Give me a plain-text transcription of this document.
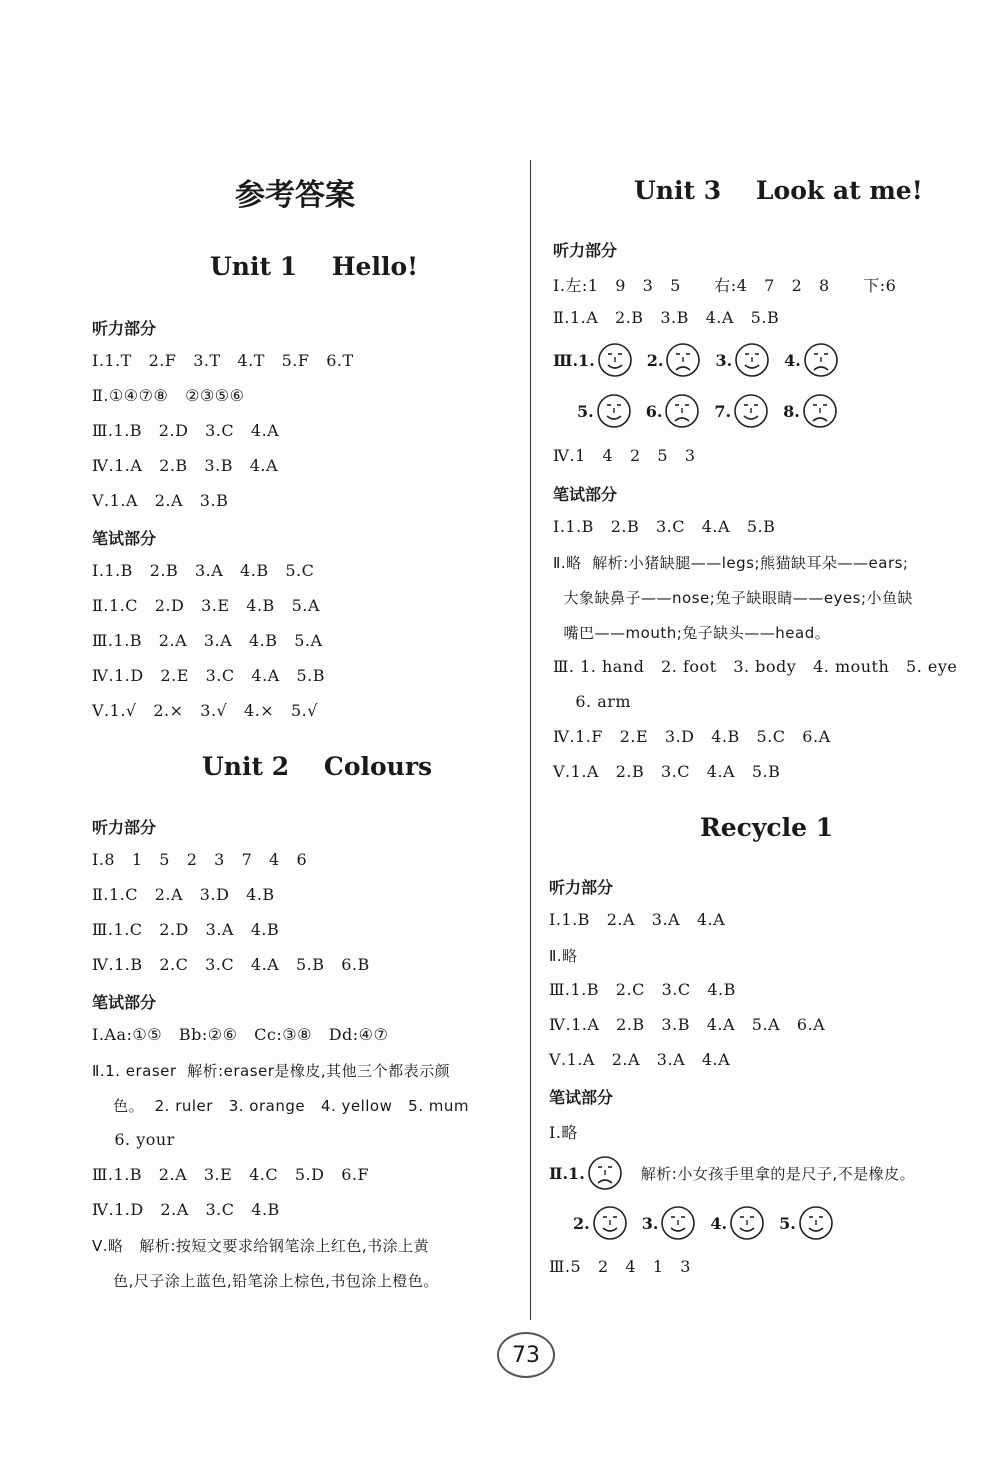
参考答案
Unit 1    Hello!
听力部分
Ⅰ.1.T   2.F   3.T   4.T   5.F   6.T
Ⅱ.①④⑦⑧   ②③⑤⑥
Ⅲ.1.B   2.D   3.C   4.A
Ⅳ.1.A   2.B   3.B   4.A
Ⅴ.1.A   2.A   3.B
笔试部分
Ⅰ.1.B   2.B   3.A   4.B   5.C
Ⅱ.1.C   2.D   3.E   4.B   5.A
Ⅲ.1.B   2.A   3.A   4.B   5.A
Ⅳ.1.D   2.E   3.C   4.A   5.B
Ⅴ.1.√   2.×   3.√   4.×   5.√
Unit 2    Colours
听力部分
Ⅰ.8   1   5   2   3   7   4   6
Ⅱ.1.C   2.A   3.D   4.B
Ⅲ.1.C   2.D   3.A   4.B
Ⅳ.1.B   2.C   3.C   4.A   5.B   6.B
笔试部分
Ⅰ.Aa:①⑤   Bb:②⑥   Cc:③⑧   Dd:④⑦
Ⅱ.1. eraser  解析:eraser是橡皮,其他三个都表示颜
色。  2. ruler   3. orange   4. yellow   5. mum
6. your
Ⅲ.1.B   2.A   3.E   4.C   5.D   6.F
Ⅳ.1.D   2.A   3.C   4.B
Ⅴ.略   解析:按短文要求给钢笔涂上红色,书涂上黄
色,尺子涂上蓝色,铅笔涂上棕色,书包涂上橙色。
Unit 3    Look at me!
听力部分
Ⅰ.左:1   9   3   5      右:4   7   2   8      下:6
Ⅱ.1.A   2.B   3.B   4.A   5.B
Ⅲ.1.	2.	3.	4.
5.	6.	7.	8.
Ⅳ.1   4   2   5   3
笔试部分
Ⅰ.1.B   2.B   3.C   4.A   5.B
Ⅱ.略  解析:小猪缺腿——legs;熊猫缺耳朵——ears;
大象缺鼻子——nose;兔子缺眼睛——eyes;小鱼缺
嘴巴——mouth;兔子缺头——head。
Ⅲ. 1. hand   2. foot   3. body   4. mouth   5. eye
6. arm
Ⅳ.1.F   2.E   3.D   4.B   5.C   6.A
Ⅴ.1.A   2.B   3.C   4.A   5.B
Recycle 1
听力部分
Ⅰ.1.B   2.A   3.A   4.A
Ⅱ.略
Ⅲ.1.B   2.C   3.C   4.B
Ⅳ.1.A   2.B   3.B   4.A   5.A   6.A
Ⅴ.1.A   2.A   3.A   4.A
笔试部分
Ⅰ.略
Ⅱ.1.	解析:小女孩手里拿的是尺子,不是橡皮。
2.	3.	4.	5.
Ⅲ.5   2   4   1   3
73
